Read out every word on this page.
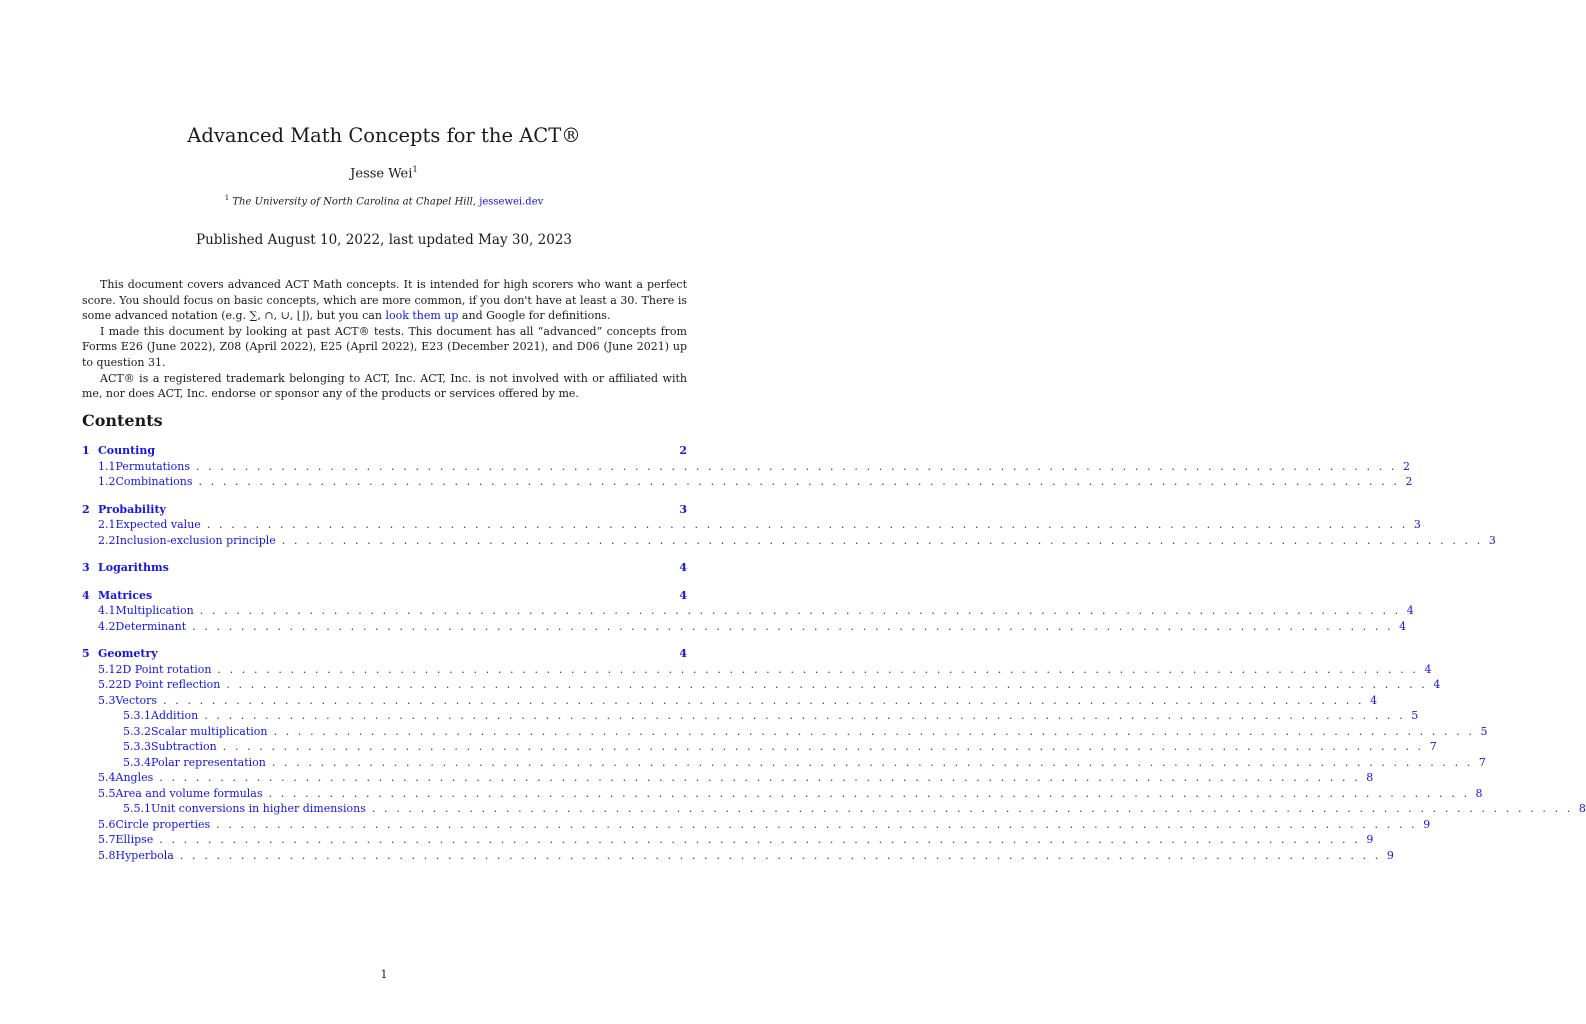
Advanced Math Concepts for the ACT®
Jesse Wei$^1$
$^1$ The University of North Carolina at Chapel Hill, jessewei.dev
Published August 10, 2022, last updated May 30, 2023

This document covers advanced ACT Math concepts. It is intended for high scorers who want a perfect score. You should focus on basic concepts, which are more common, if you don't have at least a 30. There is some advanced notation (e.g. ∑, ∩, ∪, ⌊⌋), but you can look them up and Google for definitions.

I made this document by looking at past ACT® tests. This document has all “advanced” concepts from Forms E26 (June 2022), Z08 (April 2022), E25 (April 2022), E23 (December 2021), and D06 (June 2021) up to question 31.

ACT® is a registered trademark belonging to ACT, Inc. ACT, Inc. is not involved with or affiliated with me, nor does ACT, Inc. endorse or sponsor any of the products or services offered by me.

Contents
1 Counting	2
1.1 Permutations . . . . . . . . . . . . . . . . . . . . . . . . . . . . . . . . . . . . . . . . . . . . . . . . . . . . . . . . . . . . . . . . . . . . . . . . . . . . . . . . . . . . . . . . . . . . . . . . . . . 2
1.2 Combinations . . . . . . . . . . . . . . . . . . . . . . . . . . . . . . . . . . . . . . . . . . . . . . . . . . . . . . . . . . . . . . . . . . . . . . . . . . . . . . . . . . . . . . . . . . . . . . . . . . . 2
2 Probability	3
2.1 Expected value . . . . . . . . . . . . . . . . . . . . . . . . . . . . . . . . . . . . . . . . . . . . . . . . . . . . . . . . . . . . . . . . . . . . . . . . . . . . . . . . . . . . . . . . . . . . . . . . . . . 3
2.2 Inclusion-exclusion principle . . . . . . . . . . . . . . . . . . . . . . . . . . . . . . . . . . . . . . . . . . . . . . . . . . . . . . . . . . . . . . . . . . . . . . . . . . . . . . . . . . . . . . . . . . . . . . . . . . . 3
3 Logarithms	4
4 Matrices	4
4.1 Multiplication . . . . . . . . . . . . . . . . . . . . . . . . . . . . . . . . . . . . . . . . . . . . . . . . . . . . . . . . . . . . . . . . . . . . . . . . . . . . . . . . . . . . . . . . . . . . . . . . . . . 4
4.2 Determinant . . . . . . . . . . . . . . . . . . . . . . . . . . . . . . . . . . . . . . . . . . . . . . . . . . . . . . . . . . . . . . . . . . . . . . . . . . . . . . . . . . . . . . . . . . . . . . . . . . . 4
5 Geometry	4
5.1 2D Point rotation . . . . . . . . . . . . . . . . . . . . . . . . . . . . . . . . . . . . . . . . . . . . . . . . . . . . . . . . . . . . . . . . . . . . . . . . . . . . . . . . . . . . . . . . . . . . . . . . . . . 4
5.2 2D Point reflection . . . . . . . . . . . . . . . . . . . . . . . . . . . . . . . . . . . . . . . . . . . . . . . . . . . . . . . . . . . . . . . . . . . . . . . . . . . . . . . . . . . . . . . . . . . . . . . . . . . 4
5.3 Vectors . . . . . . . . . . . . . . . . . . . . . . . . . . . . . . . . . . . . . . . . . . . . . . . . . . . . . . . . . . . . . . . . . . . . . . . . . . . . . . . . . . . . . . . . . . . . . . . . . . . 4
5.3.1 Addition . . . . . . . . . . . . . . . . . . . . . . . . . . . . . . . . . . . . . . . . . . . . . . . . . . . . . . . . . . . . . . . . . . . . . . . . . . . . . . . . . . . . . . . . . . . . . . . . . . . 5
5.3.2 Scalar multiplication . . . . . . . . . . . . . . . . . . . . . . . . . . . . . . . . . . . . . . . . . . . . . . . . . . . . . . . . . . . . . . . . . . . . . . . . . . . . . . . . . . . . . . . . . . . . . . . . . . . 5
5.3.3 Subtraction . . . . . . . . . . . . . . . . . . . . . . . . . . . . . . . . . . . . . . . . . . . . . . . . . . . . . . . . . . . . . . . . . . . . . . . . . . . . . . . . . . . . . . . . . . . . . . . . . . . 7
5.3.4 Polar representation . . . . . . . . . . . . . . . . . . . . . . . . . . . . . . . . . . . . . . . . . . . . . . . . . . . . . . . . . . . . . . . . . . . . . . . . . . . . . . . . . . . . . . . . . . . . . . . . . . . 7
5.4 Angles . . . . . . . . . . . . . . . . . . . . . . . . . . . . . . . . . . . . . . . . . . . . . . . . . . . . . . . . . . . . . . . . . . . . . . . . . . . . . . . . . . . . . . . . . . . . . . . . . . . 8
5.5 Area and volume formulas . . . . . . . . . . . . . . . . . . . . . . . . . . . . . . . . . . . . . . . . . . . . . . . . . . . . . . . . . . . . . . . . . . . . . . . . . . . . . . . . . . . . . . . . . . . . . . . . . . . 8
5.5.1 Unit conversions in higher dimensions . . . . . . . . . . . . . . . . . . . . . . . . . . . . . . . . . . . . . . . . . . . . . . . . . . . . . . . . . . . . . . . . . . . . . . . . . . . . . . . . . . . . . . . . . . . . . . . . . . . 8
5.6 Circle properties . . . . . . . . . . . . . . . . . . . . . . . . . . . . . . . . . . . . . . . . . . . . . . . . . . . . . . . . . . . . . . . . . . . . . . . . . . . . . . . . . . . . . . . . . . . . . . . . . . . 9
5.7 Ellipse . . . . . . . . . . . . . . . . . . . . . . . . . . . . . . . . . . . . . . . . . . . . . . . . . . . . . . . . . . . . . . . . . . . . . . . . . . . . . . . . . . . . . . . . . . . . . . . . . . . 9
5.8 Hyperbola . . . . . . . . . . . . . . . . . . . . . . . . . . . . . . . . . . . . . . . . . . . . . . . . . . . . . . . . . . . . . . . . . . . . . . . . . . . . . . . . . . . . . . . . . . . . . . . . . . . 9
1
